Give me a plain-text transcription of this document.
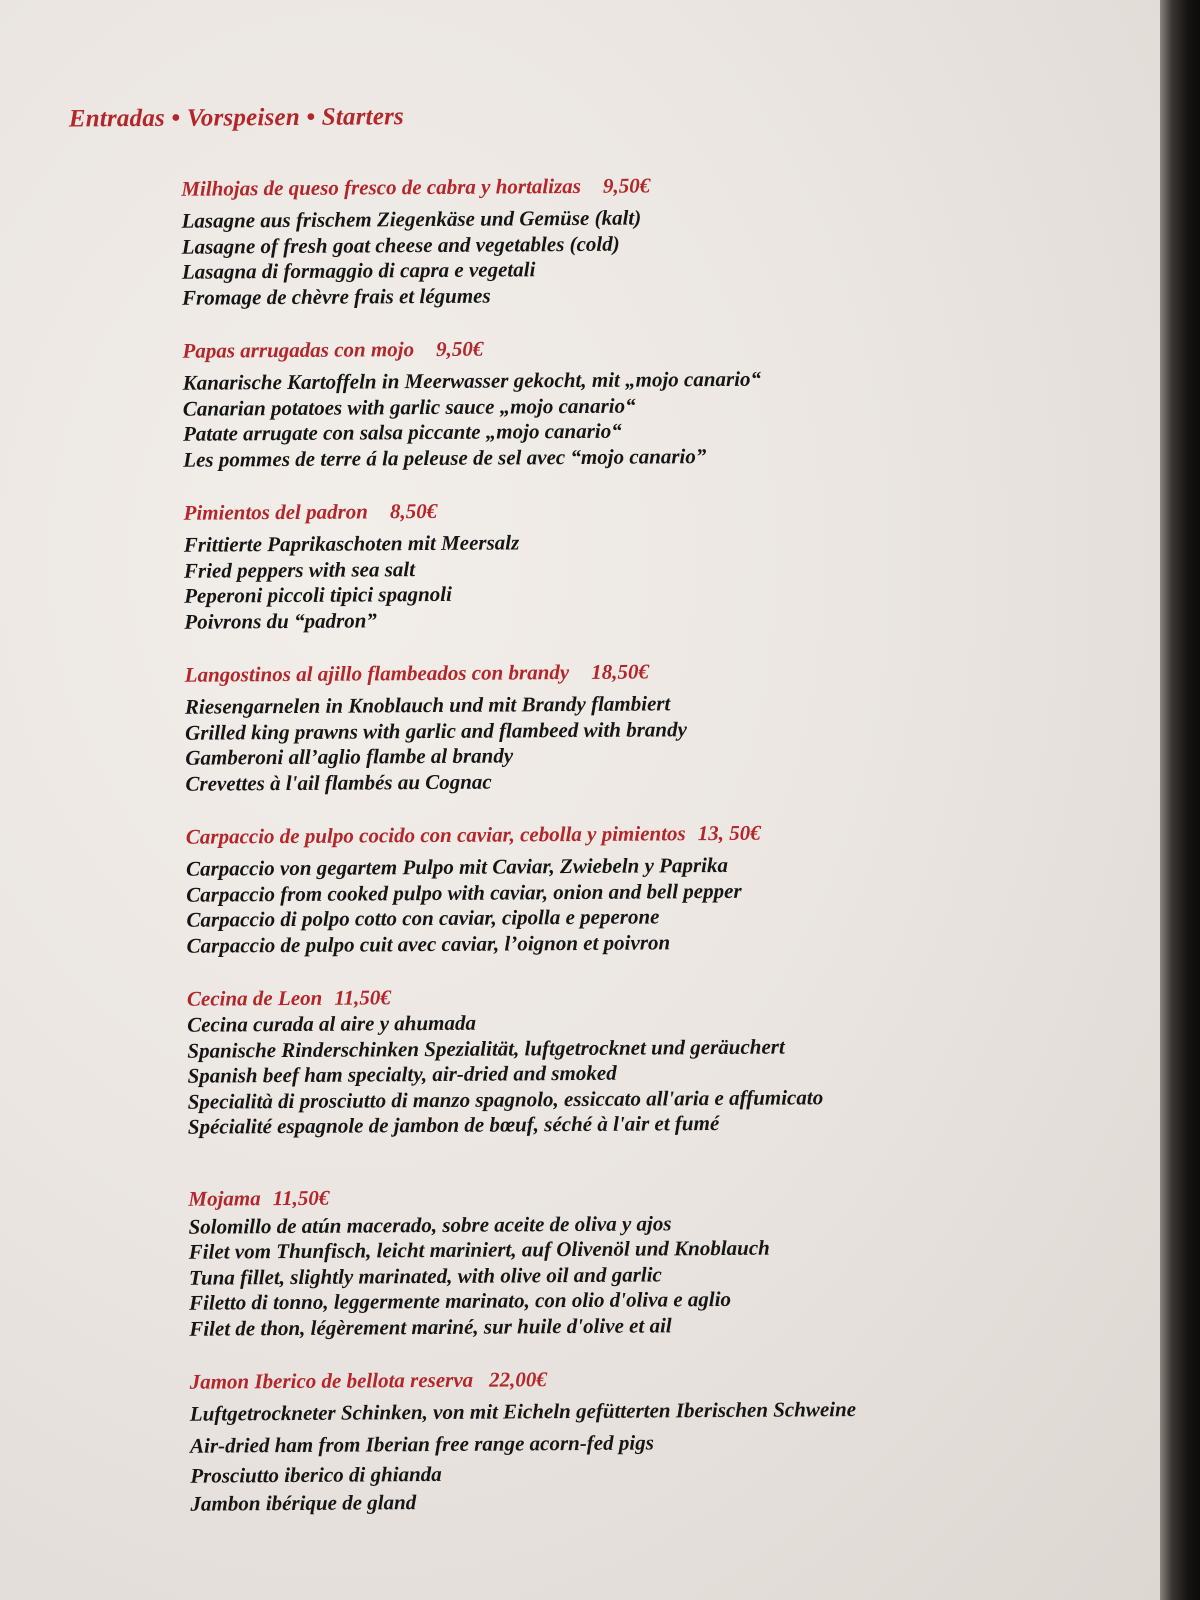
Entradas • Vorspeisen • Starters
Milhojas de queso fresco de cabra y hortalizas 9,50€
Lasagne aus frischem Ziegenkäse und Gemüse (kalt)
Lasagne of fresh goat cheese and vegetables (cold)
Lasagna di formaggio di capra e vegetali
Fromage de chèvre frais et légumes
Papas arrugadas con mojo 9,50€
Kanarische Kartoffeln in Meerwasser gekocht, mit „mojo canario“
Canarian potatoes with garlic sauce „mojo canario“
Patate arrugate con salsa piccante „mojo canario“
Les pommes de terre á la peleuse de sel avec “mojo canario”
Pimientos del padron 8,50€
Frittierte Paprikaschoten mit Meersalz
Fried peppers with sea salt
Peperoni piccoli tipici spagnoli
Poivrons du “padron”
Langostinos al ajillo flambeados con brandy 18,50€
Riesengarnelen in Knoblauch und mit Brandy flambiert
Grilled king prawns with garlic and flambeed with brandy
Gamberoni all’aglio flambe al brandy
Crevettes à l'ail flambés au Cognac
Carpaccio de pulpo cocido con caviar, cebolla y pimientos 13, 50€
Carpaccio von gegartem Pulpo mit Caviar, Zwiebeln y Paprika
Carpaccio from cooked pulpo with caviar, onion and bell pepper
Carpaccio di polpo cotto con caviar, cipolla e peperone
Carpaccio de pulpo cuit avec caviar, l’oignon et poivron
Cecina de Leon 11,50€
Cecina curada al aire y ahumada
Spanische Rinderschinken Spezialität, luftgetrocknet und geräuchert
Spanish beef ham specialty, air-dried and smoked
Specialità di prosciutto di manzo spagnolo, essiccato all'aria e affumicato
Spécialité espagnole de jambon de bœuf, séché à l'air et fumé
Mojama 11,50€
Solomillo de atún macerado, sobre aceite de oliva y ajos
Filet vom Thunfisch, leicht mariniert, auf Olivenöl und Knoblauch
Tuna fillet, slightly marinated, with olive oil and garlic
Filetto di tonno, leggermente marinato, con olio d'oliva e aglio
Filet de thon, légèrement mariné, sur huile d'olive et ail
Jamon Iberico de bellota reserva 22,00€
Luftgetrockneter Schinken, von mit Eicheln gefütterten Iberischen Schweine
Air-dried ham from Iberian free range acorn-fed pigs
Prosciutto iberico di ghianda
Jambon ibérique de gland
